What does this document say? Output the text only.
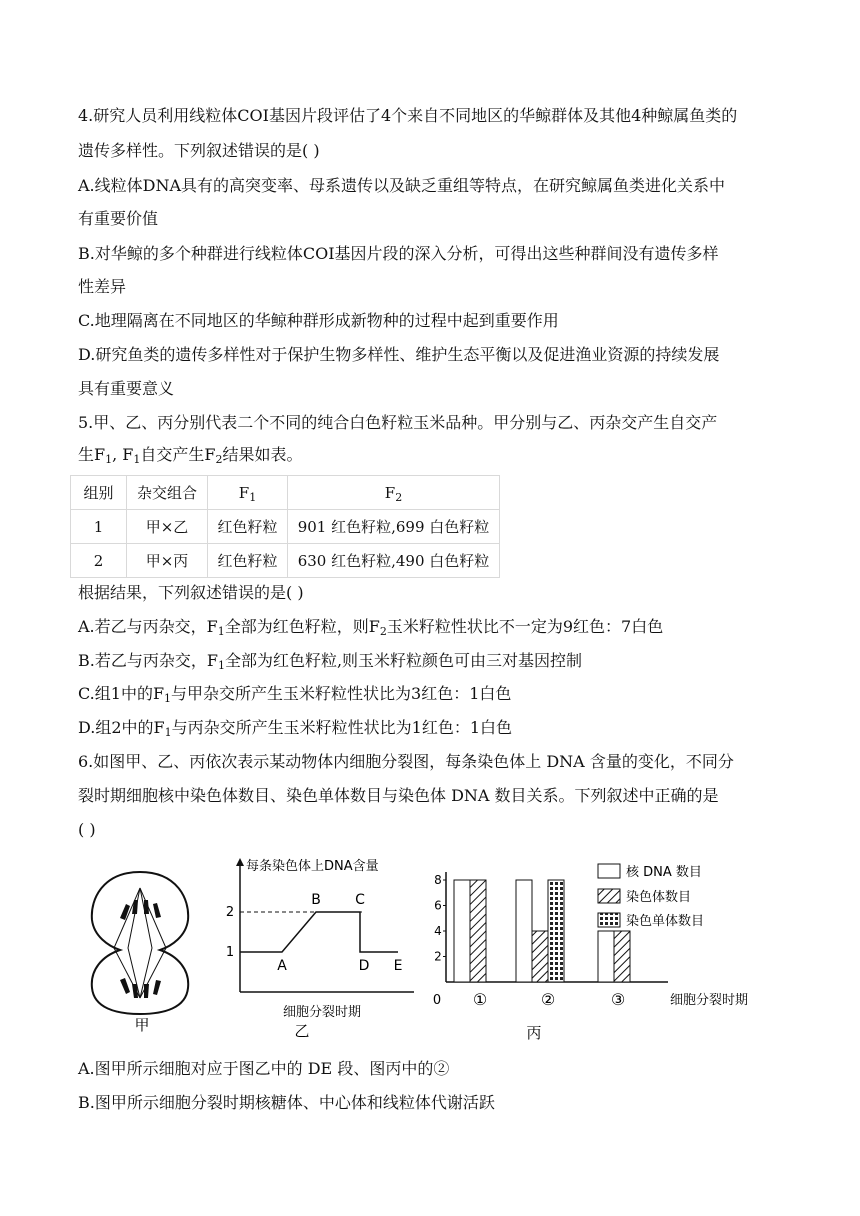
4.研究人员利用线粒体COI基因片段评估了4个来自不同地区的华鲸群体及其他4种鲸属鱼类的
遗传多样性。下列叙述错误的是( )
A.线粒体DNA具有的高突变率、母系遗传以及缺乏重组等特点，在研究鲸属鱼类进化关系中
有重要价值
B.对华鲸的多个种群进行线粒体COI基因片段的深入分析，可得出这些种群间没有遗传多样
性差异
C.地理隔离在不同地区的华鲸种群形成新物种的过程中起到重要作用
D.研究鱼类的遗传多样性对于保护生物多样性、维护生态平衡以及促进渔业资源的持续发展
具有重要意义
5.甲、乙、丙分别代表二个不同的纯合白色籽粒玉米品种。甲分别与乙、丙杂交产生自交产
生$F_1$, $F_1$自交产生$F_2$结果如表。
组别	杂交组合	$F_1$	$F_2$
1	甲×乙	红色籽粒	901 红色籽粒,699 白色籽粒
2	甲×丙	红色籽粒	630 红色籽粒,490 白色籽粒
根据结果，下列叙述错误的是( )
A.若乙与丙杂交，$F_1$全部为红色籽粒，则$F_2$玉米籽粒性状比不一定为9红色：7白色
B.若乙与丙杂交，$F_1$全部为红色籽粒,则玉米籽粒颜色可由三对基因控制
C.组1中的$F_1$与甲杂交所产生玉米籽粒性状比为3红色：1白色
D.组2中的$F_1$与丙杂交所产生玉米籽粒性状比为1红色：1白色
6.如图甲、乙、丙依次表示某动物体内细胞分裂图，每条染色体上 DNA 含量的变化，不同分
裂时期细胞核中染色体数目、染色单体数目与染色体 DNA 数目关系。下列叙述中正确的是
( )
甲
每条染色体上DNA含量
2
1
A
B C
D E
细胞分裂时期
乙
2
4
6
8
①	②	③
0	细胞分裂时期
丙
核 DNA 数目
染色体数目
染色单体数目
A.图甲所示细胞对应于图乙中的 DE 段、图丙中的②
B.图甲所示细胞分裂时期核糖体、中心体和线粒体代谢活跃
